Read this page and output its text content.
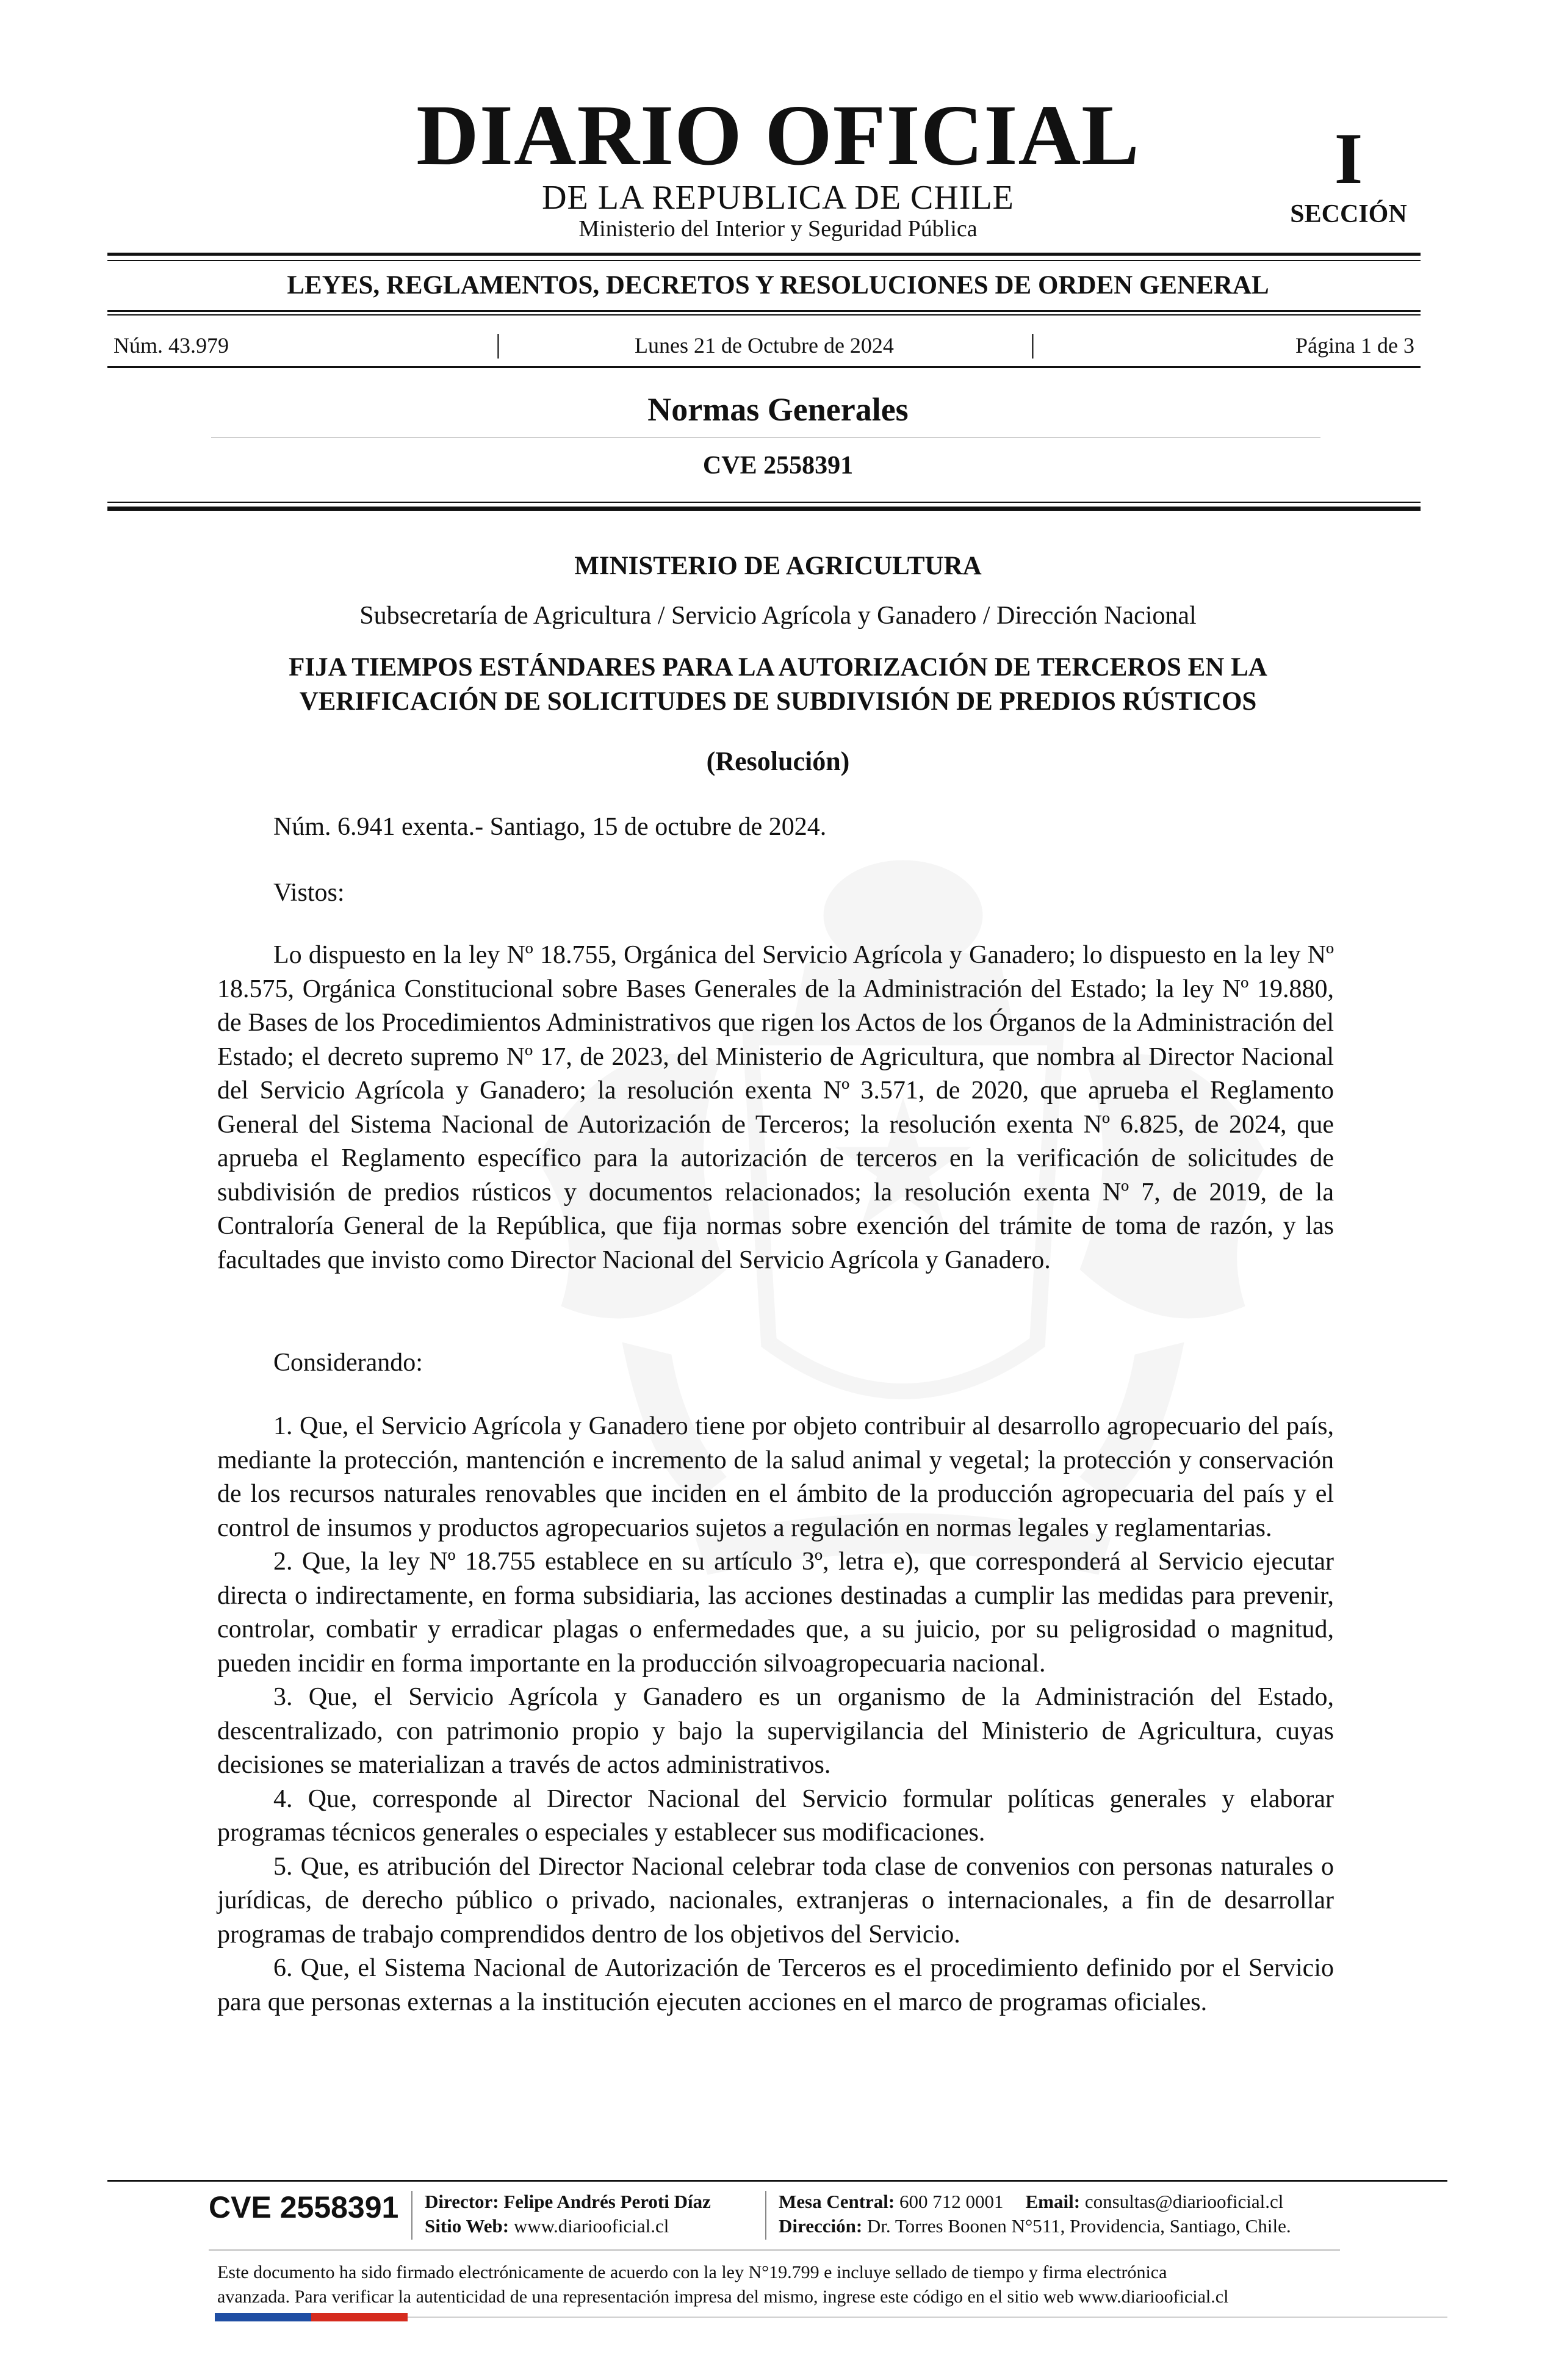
DIARIO OFICIAL
DE LA REPUBLICA DE CHILE
Ministerio del Interior y Seguridad Pública
I
SECCIÓN
LEYES, REGLAMENTOS, DECRETOS Y RESOLUCIONES DE ORDEN GENERAL
Núm. 43.979	|	Lunes 21 de Octubre de 2024	|	Página 1 de 3
Normas Generales
CVE 2558391
MINISTERIO DE AGRICULTURA
Subsecretaría de Agricultura / Servicio Agrícola y Ganadero / Dirección Nacional
FIJA TIEMPOS ESTÁNDARES PARA LA AUTORIZACIÓN DE TERCEROS EN LA
VERIFICACIÓN DE SOLICITUDES DE SUBDIVISIÓN DE PREDIOS RÚSTICOS
(Resolución)
Núm. 6.941 exenta.- Santiago, 15 de octubre de 2024.
Vistos:

Lo dispuesto en la ley Nº 18.755, Orgánica del Servicio Agrícola y Ganadero; lo dispuesto en la ley Nº 18.575, Orgánica Constitucional sobre Bases Generales de la Administración del Estado; la ley Nº 19.880, de Bases de los Procedimientos Administrativos que rigen los Actos de los Órganos de la Administración del Estado; el decreto supremo Nº 17, de 2023, del Ministerio de Agricultura, que nombra al Director Nacional del Servicio Agrícola y Ganadero; la resolución exenta Nº 3.571, de 2020, que aprueba el Reglamento General del Sistema Nacional de Autorización de Terceros; la resolución exenta Nº 6.825, de 2024, que aprueba el Reglamento específico para la autorización de terceros en la verificación de solicitudes de subdivisión de predios rústicos y documentos relacionados; la resolución exenta Nº 7, de 2019, de la Contraloría General de la República, que fija normas sobre exención del trámite de toma de razón, y las facultades que invisto como Director Nacional del Servicio Agrícola y Ganadero.

Considerando:

1. Que, el Servicio Agrícola y Ganadero tiene por objeto contribuir al desarrollo agropecuario del país, mediante la protección, mantención e incremento de la salud animal y vegetal; la protección y conservación de los recursos naturales renovables que inciden en el ámbito de la producción agropecuaria del país y el control de insumos y productos agropecuarios sujetos a regulación en normas legales y reglamentarias.

2. Que, la ley Nº 18.755 establece en su artículo 3º, letra e), que corresponderá al Servicio ejecutar directa o indirectamente, en forma subsidiaria, las acciones destinadas a cumplir las medidas para prevenir, controlar, combatir y erradicar plagas o enfermedades que, a su juicio, por su peligrosidad o magnitud, pueden incidir en forma importante en la producción silvoagropecuaria nacional.

3. Que, el Servicio Agrícola y Ganadero es un organismo de la Administración del Estado, descentralizado, con patrimonio propio y bajo la supervigilancia del Ministerio de Agricultura, cuyas decisiones se materializan a través de actos administrativos.

4. Que, corresponde al Director Nacional del Servicio formular políticas generales y elaborar programas técnicos generales o especiales y establecer sus modificaciones.

5. Que, es atribución del Director Nacional celebrar toda clase de convenios con personas naturales o jurídicas, de derecho público o privado, nacionales, extranjeras o internacionales, a fin de desarrollar programas de trabajo comprendidos dentro de los objetivos del Servicio.

6. Que, el Sistema Nacional de Autorización de Terceros es el procedimiento definido por el Servicio para que personas externas a la institución ejecuten acciones en el marco de programas oficiales.

CVE 2558391 Director: Felipe Andrés Peroti Díaz
Sitio Web: www.diariooficial.cl
Mesa Central: 600 712 0001 Email: consultas@diariooficial.cl
Dirección: Dr. Torres Boonen N°511, Providencia, Santiago, Chile.
Este documento ha sido firmado electrónicamente de acuerdo con la ley N°19.799 e incluye sellado de tiempo y firma electrónica
avanzada. Para verificar la autenticidad de una representación impresa del mismo, ingrese este código en el sitio web www.diariooficial.cl
